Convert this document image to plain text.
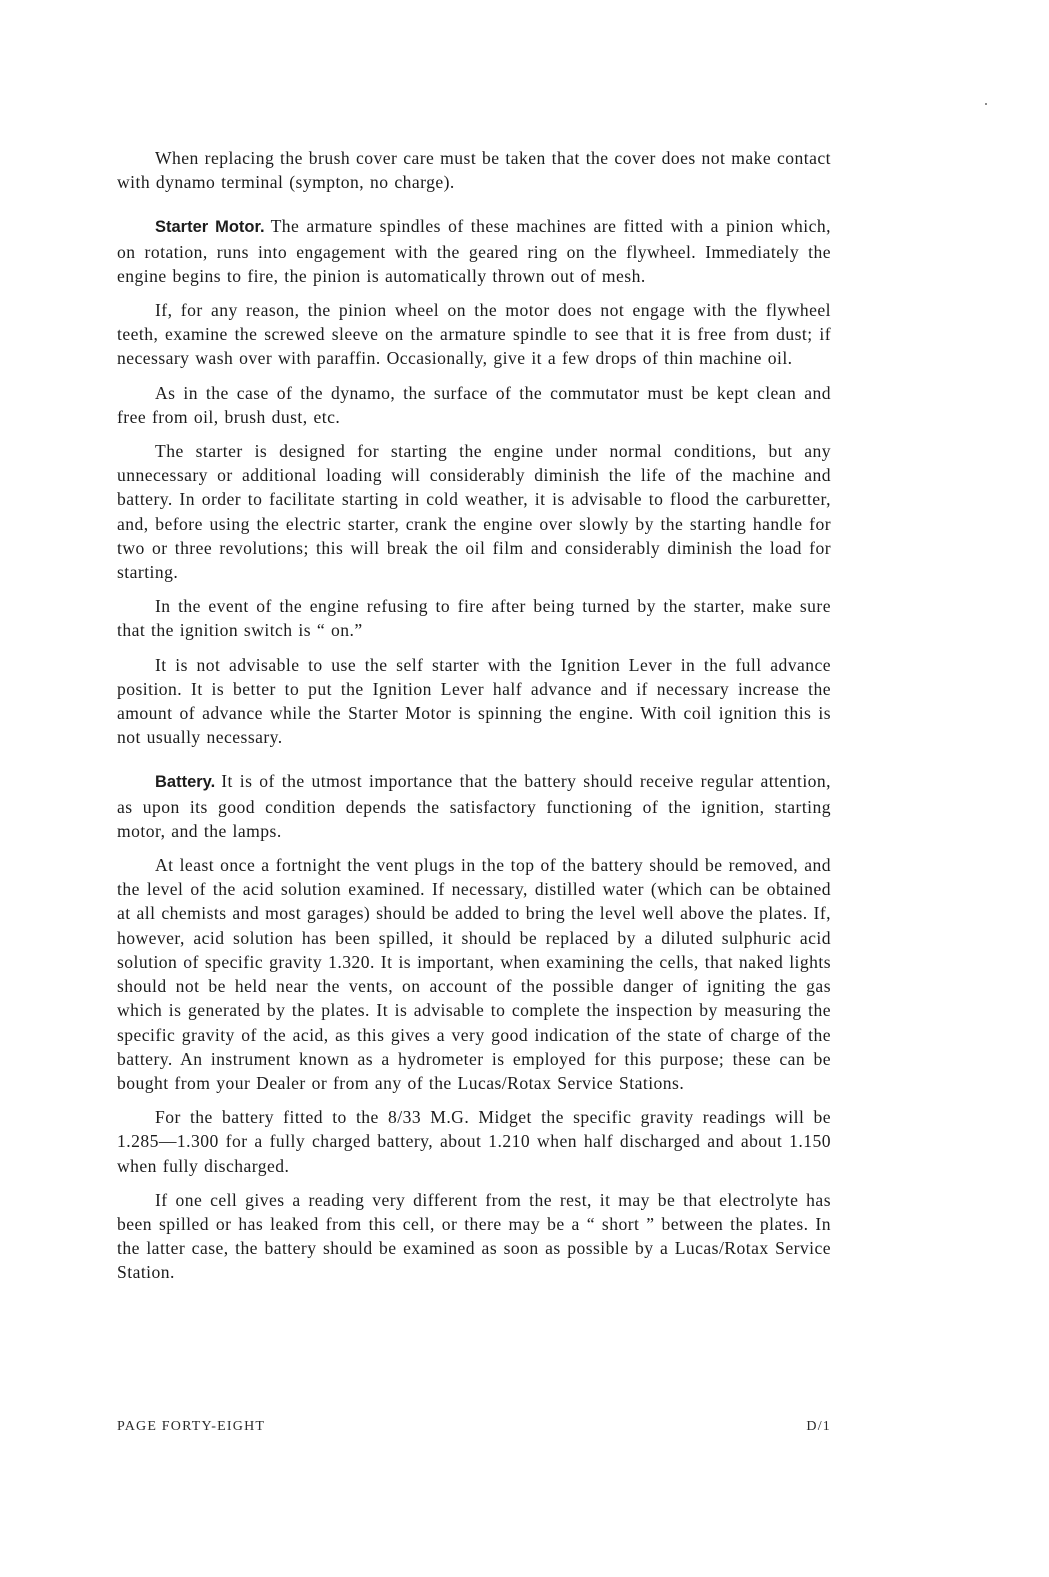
When replacing the brush cover care must be taken that the cover does not make contact with dynamo terminal (sympton, no charge).

Starter Motor. The armature spindles of these machines are fitted with a pinion which, on rotation, runs into engagement with the geared ring on the flywheel. Immediately the engine begins to fire, the pinion is automatically thrown out of mesh.

If, for any reason, the pinion wheel on the motor does not engage with the flywheel teeth, examine the screwed sleeve on the armature spindle to see that it is free from dust; if necessary wash over with paraffin. Occasionally, give it a few drops of thin machine oil.

As in the case of the dynamo, the surface of the commutator must be kept clean and free from oil, brush dust, etc.

The starter is designed for starting the engine under normal conditions, but any unnecessary or additional loading will considerably diminish the life of the machine and battery. In order to facilitate starting in cold weather, it is advisable to flood the carburetter, and, before using the electric starter, crank the engine over slowly by the starting handle for two or three revolutions; this will break the oil film and considerably diminish the load for starting.

In the event of the engine refusing to fire after being turned by the starter, make sure that the ignition switch is “ on.”

It is not advisable to use the self starter with the Ignition Lever in the full advance position. It is better to put the Ignition Lever half advance and if necessary increase the amount of advance while the Starter Motor is spinning the engine. With coil ignition this is not usually necessary.

Battery. It is of the utmost importance that the battery should receive regular attention, as upon its good condition depends the satisfactory functioning of the ignition, starting motor, and the lamps.

At least once a fortnight the vent plugs in the top of the battery should be removed, and the level of the acid solution examined. If necessary, distilled water (which can be obtained at all chemists and most garages) should be added to bring the level well above the plates. If, however, acid solution has been spilled, it should be replaced by a diluted sulphuric acid solution of specific gravity 1.320. It is important, when examining the cells, that naked lights should not be held near the vents, on account of the possible danger of igniting the gas which is generated by the plates. It is advisable to complete the inspection by measuring the specific gravity of the acid, as this gives a very good indication of the state of charge of the battery. An instrument known as a hydrometer is employed for this purpose; these can be bought from your Dealer or from any of the Lucas/Rotax Service Stations.

For the battery fitted to the 8/33 M.G. Midget the specific gravity readings will be 1.285—1.300 for a fully charged battery, about 1.210 when half discharged and about 1.150 when fully discharged.

If one cell gives a reading very different from the rest, it may be that electrolyte has been spilled or has leaked from this cell, or there may be a “ short ” between the plates. In the latter case, the battery should be examined as soon as possible by a Lucas/Rotax Service Station.

PAGE FORTY-EIGHT	D/1
